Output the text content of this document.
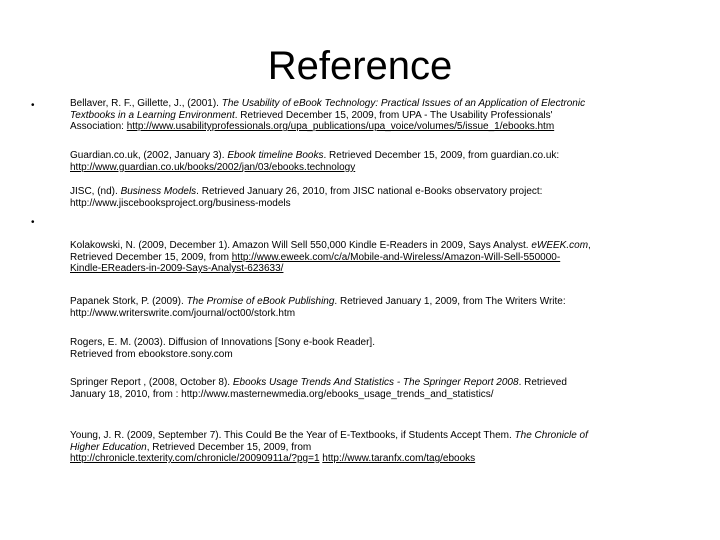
Reference
•
•
Bellaver, R. F., Gillette, J., (2001). The Usability of eBook Technology: Practical Issues of an Application of Electronic
Textbooks in a Learning Environment. Retrieved December 15, 2009, from UPA - The Usability Professionals'
Association: http://www.usabilityprofessionals.org/upa_publications/upa_voice/volumes/5/issue_1/ebooks.htm
Guardian.co.uk, (2002, January 3). Ebook timeline Books. Retrieved December 15, 2009, from guardian.co.uk:
http://www.guardian.co.uk/books/2002/jan/03/ebooks.technology
JISC, (nd). Business Models. Retrieved January 26, 2010, from JISC national e-Books observatory project:
http://www.jiscebooksproject.org/business-models
Kolakowski, N. (2009, December 1). Amazon Will Sell 550,000 Kindle E-Readers in 2009, Says Analyst. eWEEK.com,
Retrieved December 15, 2009, from http://www.eweek.com/c/a/Mobile-and-Wireless/Amazon-Will-Sell-550000-
Kindle-EReaders-in-2009-Says-Analyst-623633/
Papanek Stork, P. (2009). The Promise of eBook Publishing. Retrieved January 1, 2009, from The Writers Write:
http://www.writerswrite.com/journal/oct00/stork.htm
Rogers, E. M. (2003). Diffusion of Innovations [Sony e-book Reader].
Retrieved from ebookstore.sony.com
Springer Report , (2008, October 8). Ebooks Usage Trends And Statistics - The Springer Report 2008. Retrieved
January 18, 2010, from : http://www.masternewmedia.org/ebooks_usage_trends_and_statistics/
Young, J. R. (2009, September 7). This Could Be the Year of E-Textbooks, if Students Accept Them. The Chronicle of
Higher Education, Retrieved December 15, 2009, from
http://chronicle.texterity.com/chronicle/20090911a/?pg=1 http://www.taranfx.com/tag/ebooks
